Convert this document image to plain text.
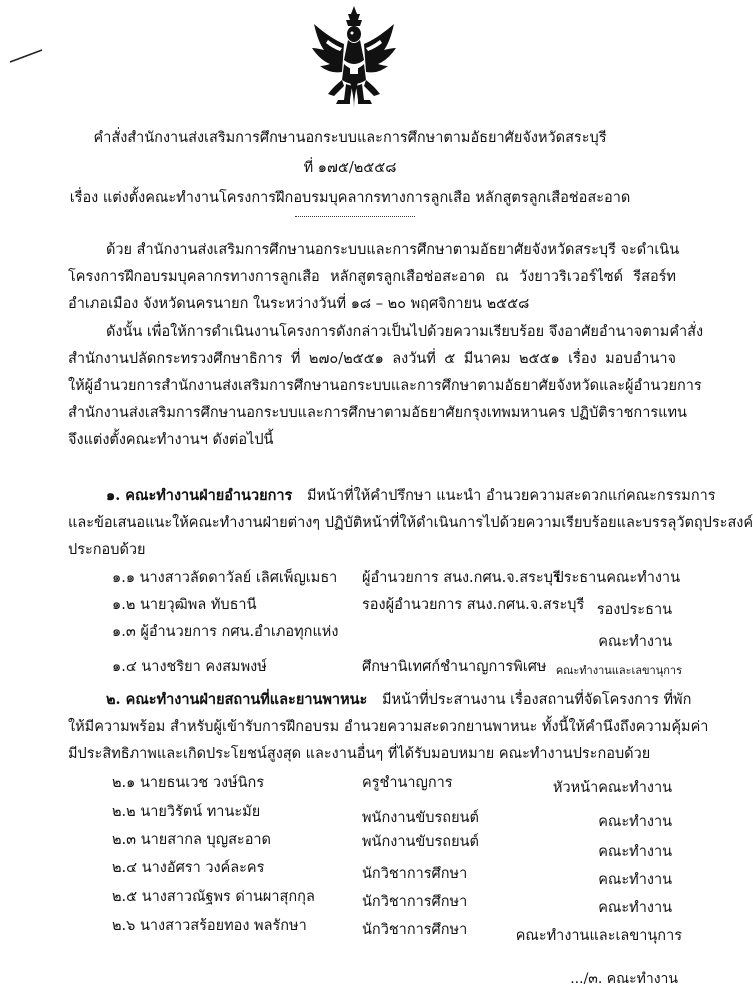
คำสั่งสำนักงานส่งเสริมการศึกษานอกระบบและการศึกษาตามอัธยาศัยจังหวัดสระบุรี
ที่ ๑๗๕/๒๕๕๘
เรื่อง แต่งตั้งคณะทำงานโครงการฝึกอบรมบุคลากรทางการลูกเสือ หลักสูตรลูกเสือช่อสะอาด
ด้วย สำนักงานส่งเสริมการศึกษานอกระบบและการศึกษาตามอัธยาศัยจังหวัดสระบุรี จะดำเนิน
โครงการฝึกอบรมบุคลากรทางการลูกเสือ หลักสูตรลูกเสือช่อสะอาด ณ วังยาวริเวอร์ไซด์ รีสอร์ท
อำเภอเมือง จังหวัดนครนายก ในระหว่างวันที่ ๑๘ – ๒๐ พฤศจิกายน ๒๕๕๘
ดังนั้น เพื่อให้การดำเนินงานโครงการดังกล่าวเป็นไปด้วยความเรียบร้อย จึงอาศัยอำนาจตามคำสั่ง
สำนักงานปลัดกระทรวงศึกษาธิการ ที่ ๒๗๐/๒๕๕๑ ลงวันที่ ๕ มีนาคม ๒๕๕๑ เรื่อง มอบอำนาจ
ให้ผู้อำนวยการสำนักงานส่งเสริมการศึกษานอกระบบและการศึกษาตามอัธยาศัยจังหวัดและผู้อำนวยการ
สำนักงานส่งเสริมการศึกษานอกระบบและการศึกษาตามอัธยาศัยกรุงเทพมหานคร ปฏิบัติราชการแทน
จึงแต่งตั้งคณะทำงานฯ ดังต่อไปนี้
๑. คณะทำงานฝ่ายอำนวยการ มีหน้าที่ให้คำปรึกษา แนะนำ อำนวยความสะดวกแก่คณะกรรมการ
และข้อเสนอแนะให้คณะทำงานฝ่ายต่างๆ ปฏิบัติหน้าที่ให้ดำเนินการไปด้วยความเรียบร้อยและบรรลุวัตถุประสงค์
ประกอบด้วย
๑.๑ นางสาวลัดดาวัลย์ เลิศเพ็ญเมธา ผู้อำนวยการ สนง.กศน.จ.สระบุรี
ประธานคณะทำงาน
๑.๒ นายวุฒิพล ทับธานี	รองผู้อำนวยการ สนง.กศน.จ.สระบุรี รองประธาน
๑.๓ ผู้อำนวยการ กศน.อำเภอทุกแห่ง
คณะทำงาน
๑.๔ นางชริยา คงสมพงษ์	ศึกษานิเทศก์ชำนาญการพิเศษ คณะทำงานและเลขานุการ
๒. คณะทำงานฝ่ายสถานที่และยานพาหนะ มีหน้าที่ประสานงาน เรื่องสถานที่จัดโครงการ ที่พัก
ให้มีความพร้อม สำหรับผู้เข้ารับการฝึกอบรม อำนวยความสะดวกยานพาหนะ ทั้งนี้ให้คำนึงถึงความคุ้มค่า
มีประสิทธิภาพและเกิดประโยชน์สูงสุด และงานอื่นๆ ที่ได้รับมอบหมาย คณะทำงานประกอบด้วย
๒.๑ นายธนเวช วงษ์นิกร	ครูชำนาญการ	หัวหน้าคณะทำงาน
๒.๒ นายวิรัตน์ ทานะมัย	พนักงานขับรถยนต์	คณะทำงาน
๒.๓ นายสากล บุญสะอาด	พนักงานขับรถยนต์
คณะทำงาน
๒.๔ นางอัศรา วงค์ละคร	นักวิชาการศึกษา	คณะทำงาน
๒.๕ นางสาวณัฐพร ด่านผาสุกกุล	นักวิชาการศึกษา	คณะทำงาน
๒.๖ นางสาวสร้อยทอง พลรักษา	นักวิชาการศึกษา	คณะทำงานและเลขานุการ
.../๓. คณะทำงาน
